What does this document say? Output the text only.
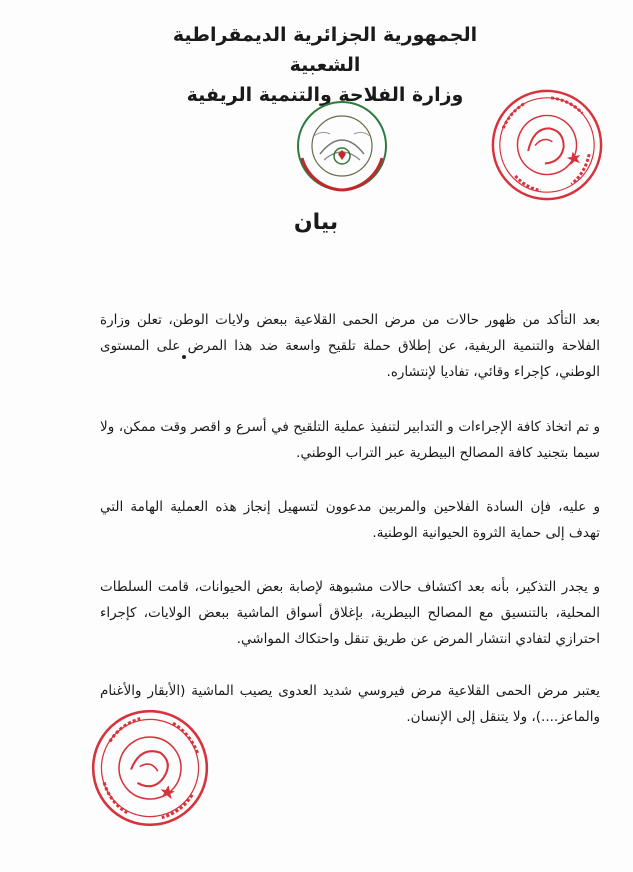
الجمهورية الجزائرية الديمقراطية الشعبية
وزارة الفلاحة والتنمية الريفية
بيان

بعد التأكد من ظهور حالات من مرض الحمى القلاعية ببعض ولايات الوطن، تعلن وزارة الفلاحة والتنمية الريفية، عن إطلاق حملة تلقيح واسعة ضد هذا المرض على المستوى الوطني، كإجراء وقائي، تفاديا لإنتشاره.

و تم اتخاذ كافة الإجراءات و التدابير لتنفيذ عملية التلقيح في أسرع و اقصر وقت ممكن، ولا سيما بتجنيد كافة المصالح البيطرية عبر التراب الوطني.

و عليه، فإن السادة الفلاحين والمربين مدعوون لتسهيل إنجاز هذه العملية الهامة التي تهدف إلى حماية الثروة الحيوانية الوطنية.

و يجدر التذكير، بأنه بعد اكتشاف حالات مشبوهة لإصابة بعض الحيوانات، قامت السلطات المحلية، بالتنسيق مع المصالح البيطرية، بإغلاق أسواق الماشية ببعض الولايات، كإجراء احترازي لتفادي انتشار المرض عن طريق تنقل واحتكاك المواشي.

يعتبر مرض الحمى القلاعية مرض فيروسي شديد العدوى يصيب الماشية (الأبقار والأغنام والماعز....)، ولا يتنقل إلى الإنسان.
